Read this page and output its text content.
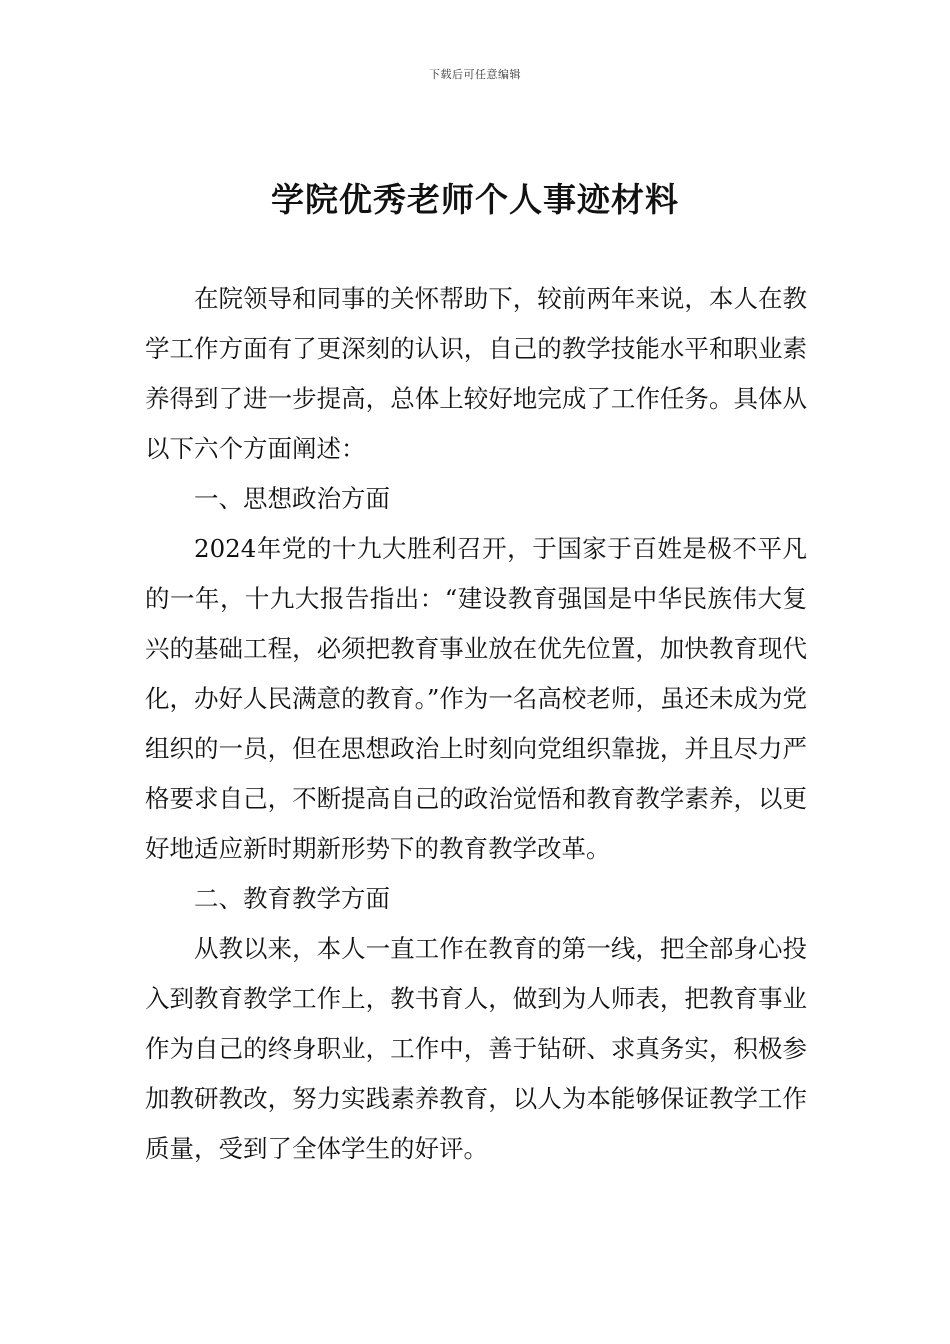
下载后可任意编辑
学院优秀老师个人事迹材料

在院领导和同事的关怀帮助下，较前两年来说，本人在教学工作方面有了更深刻的认识，自己的教学技能水平和职业素养得到了进一步提高，总体上较好地完成了工作任务。具体从以下六个方面阐述：

一、思想政治方面

2024年党的十九大胜利召开，于国家于百姓是极不平凡的一年，十九大报告指出：“建设教育强国是中华民族伟大复兴的基础工程，必须把教育事业放在优先位置，加快教育现代化，办好人民满意的教育。”作为一名高校老师，虽还未成为党组织的一员，但在思想政治上时刻向党组织靠拢，并且尽力严格要求自己，不断提高自己的政治觉悟和教育教学素养，以更好地适应新时期新形势下的教育教学改革。

二、教育教学方面

从教以来，本人一直工作在教育的第一线，把全部身心投入到教育教学工作上，教书育人，做到为人师表，把教育事业作为自己的终身职业，工作中，善于钻研、求真务实，积极参加教研教改，努力实践素养教育，以人为本能够保证教学工作质量，受到了全体学生的好评。
